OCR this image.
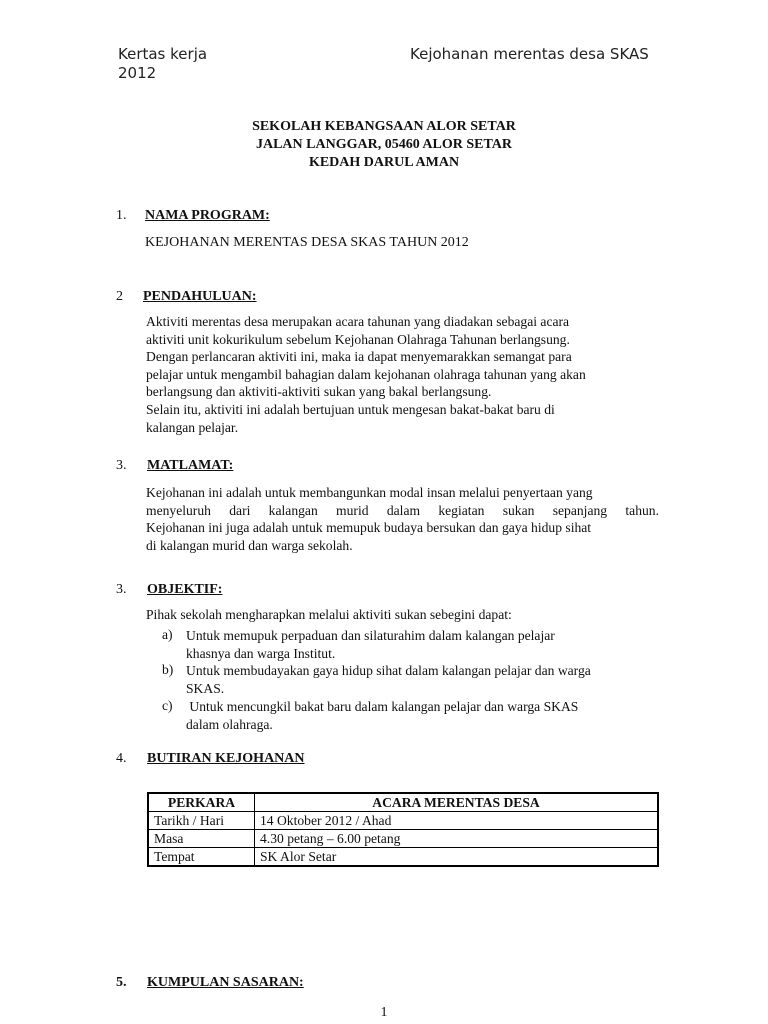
Kertas kerja
2012
Kejohanan merentas desa SKAS
SEKOLAH KEBANGSAAN ALOR SETAR
JALAN LANGGAR, 05460 ALOR SETAR
KEDAH DARUL AMAN
1. NAMA PROGRAM:
KEJOHANAN MERENTAS DESA SKAS TAHUN 2012
2 PENDAHULUAN:
Aktiviti merentas desa merupakan acara tahunan yang diadakan sebagai acara
aktiviti unit kokurikulum sebelum Kejohanan Olahraga Tahunan berlangsung.
Dengan perlancaran aktiviti ini, maka ia dapat menyemarakkan semangat para
pelajar untuk mengambil bahagian dalam kejohanan olahraga tahunan yang akan
berlangsung dan aktiviti-aktiviti sukan yang bakal berlangsung.
Selain itu, aktiviti ini adalah bertujuan untuk mengesan bakat-bakat baru di
kalangan pelajar.
3. MATLAMAT:
Kejohanan ini adalah untuk membangunkan modal insan melalui penyertaan yang
menyeluruh dari kalangan murid dalam kegiatan sukan sepanjang tahun.
Kejohanan ini juga adalah untuk memupuk budaya bersukan dan gaya hidup sihat
di kalangan murid dan warga sekolah.
3. OBJEKTIF:
Pihak sekolah mengharapkan melalui aktiviti sukan sebegini dapat:
a) Untuk memupuk perpaduan dan silaturahim dalam kalangan pelajar
khasnya dan warga Institut.
b) Untuk membudayakan gaya hidup sihat dalam kalangan pelajar dan warga
SKAS.
c) Untuk mencungkil bakat baru dalam kalangan pelajar dan warga SKAS
dalam olahraga.
4. BUTIRAN KEJOHANAN
PERKARA	ACARA MERENTAS DESA
Tarikh / Hari	14 Oktober 2012 / Ahad
Masa	4.30 petang – 6.00 petang
Tempat	SK Alor Setar
5. KUMPULAN SASARAN:
1
